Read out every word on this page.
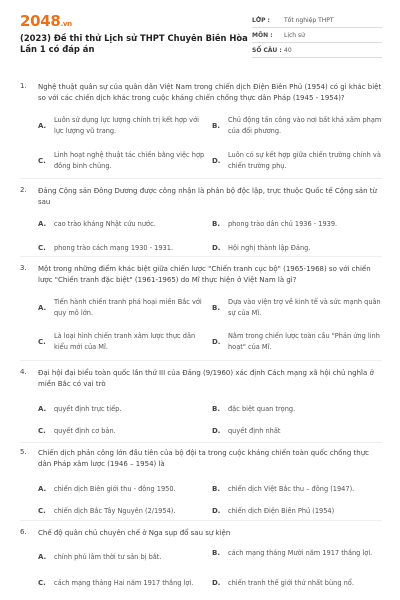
2048.vn
(2023) Đề thi thử Lịch sử THPT Chuyên Biên Hòa Lần 1 có đáp án
LỚP :	Tốt nghiệp THPT
MÔN :	Lịch sử
SỐ CÂU : 40
1. Nghệ thuật quân sự của quân dân Việt Nam trong chiến dịch Điện Biên Phủ (1954) có gì khác biệt so với các chiến dịch khác trong cuộc kháng chiến chống thực dân Pháp (1945 - 1954)?
A.
Luôn sử dụng lực lượng chính trị kết hợp với lực lượng vũ trang.
B.
Chủ động tấn công vào nơi bất khả xâm phạm của đối phương.
C.
Linh hoạt nghệ thuật tác chiến bằng việc hợp đồng binh chủng.
D.
Luôn có sự kết hợp giữa chiến trường chính và chiến trường phụ.
2. Đảng Cộng sản Đông Dương được công nhận là phân bộ độc lập, trực thuộc Quốc tế Cộng sản từ sau
A.	cao trào kháng Nhật cứu nước.	B.	phong trào dân chủ 1936 - 1939.
C.	phong trào cách mạng 1930 - 1931.	D.	Hội nghị thành lập Đảng.
3. Một trong những điểm khác biệt giữa chiến lược "Chiến tranh cục bộ" (1965-1968) so với chiến lược "Chiến tranh đặc biệt" (1961-1965) do Mĩ thực hiện ở Việt Nam là gì?
A.
Tiến hành chiến tranh phá hoại miền Bắc với quy mô lớn.
B.
Dựa vào viện trợ về kinh tế và sức mạnh quân sự của Mĩ.
C.
Là loại hình chiến tranh xâm lược thực dân kiểu mới của Mĩ.
D.
Nằm trong chiến lược toàn cầu "Phản ứng linh hoạt" của Mĩ.
4. Đại hội đại biểu toàn quốc lần thứ III của Đảng (9/1960) xác định Cách mạng xã hội chủ nghĩa ở miền Bắc có vai trò
A.	quyết định trực tiếp.	B.	đặc biệt quan trọng.
C.	quyết định cơ bản.	D.	quyết định nhất
5. Chiến dịch phản công lớn đầu tiên của bộ đội ta trong cuộc kháng chiến toàn quốc chống thực dân Pháp xâm lược (1946 – 1954) là
A.	chiến dịch Biên giới thu - đông 1950.	B.	chiến dịch Việt Bắc thu – đông (1947).
C.	chiến dịch Bắc Tây Nguyên (2/1954).	D.	chiến dịch Điện Biên Phủ (1954)
6. Chế độ quân chủ chuyên chế ở Nga sụp đổ sau sự kiện
A.	chính phủ lâm thời tư sản bị bắt.	B.	cách mạng tháng Mười năm 1917 thắng lợi.
C.	cách mạng tháng Hai năm 1917 thắng lợi.	D.	chiến tranh thế giới thứ nhất bùng nổ.
